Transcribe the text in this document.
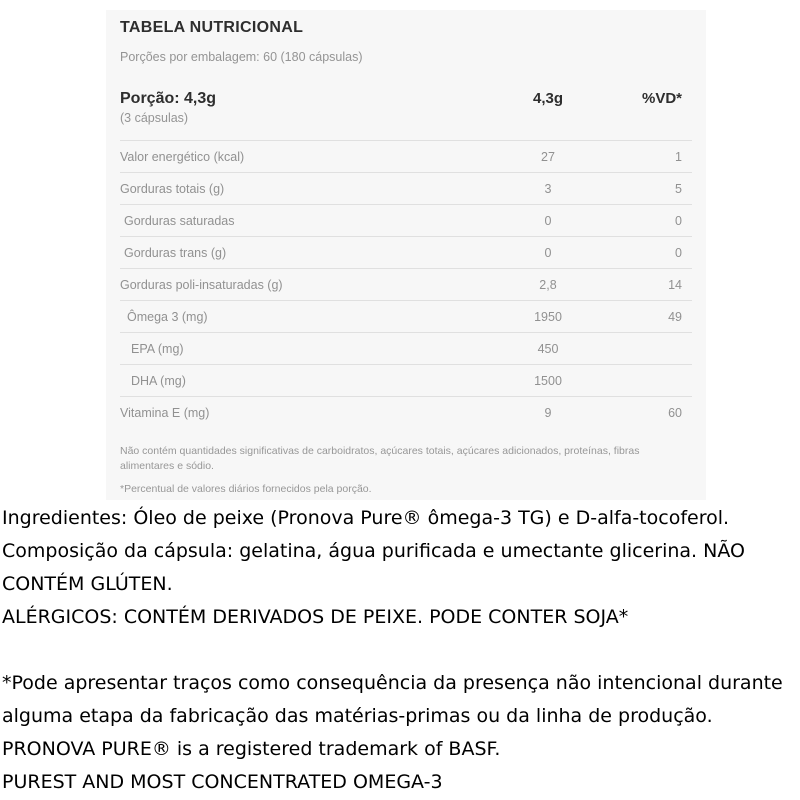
TABELA NUTRICIONAL
Porções por embalagem: 60 (180 cápsulas)
Porção: 4,3g
(3 cápsulas)
4,3g	%VD*
Valor energético (kcal)	27	1
Gorduras totais (g)	3	5
Gorduras saturadas	0	0
Gorduras trans (g)	0	0
Gorduras poli-insaturadas (g)	2,8	14
Ômega 3 (mg)	1950	49
EPA (mg)	450
DHA (mg)	1500
Vitamina E (mg)	9	60
Não contém quantidades significativas de carboidratos, açúcares totais, açúcares adicionados, proteínas, fibras alimentares e sódio.
*Percentual de valores diários fornecidos pela porção.
Ingredientes: Óleo de peixe (Pronova Pure® ômega-3 TG) e D-alfa-tocoferol.
Composição da cápsula: gelatina, água purificada e umectante glicerina. NÃO
CONTÉM GLÚTEN.
ALÉRGICOS: CONTÉM DERIVADOS DE PEIXE. PODE CONTER SOJA*
*Pode apresentar traços como consequência da presença não intencional durante
alguma etapa da fabricação das matérias-primas ou da linha de produção.
PRONOVA PURE® is a registered trademark of BASF.
PUREST AND MOST CONCENTRATED OMEGA-3
